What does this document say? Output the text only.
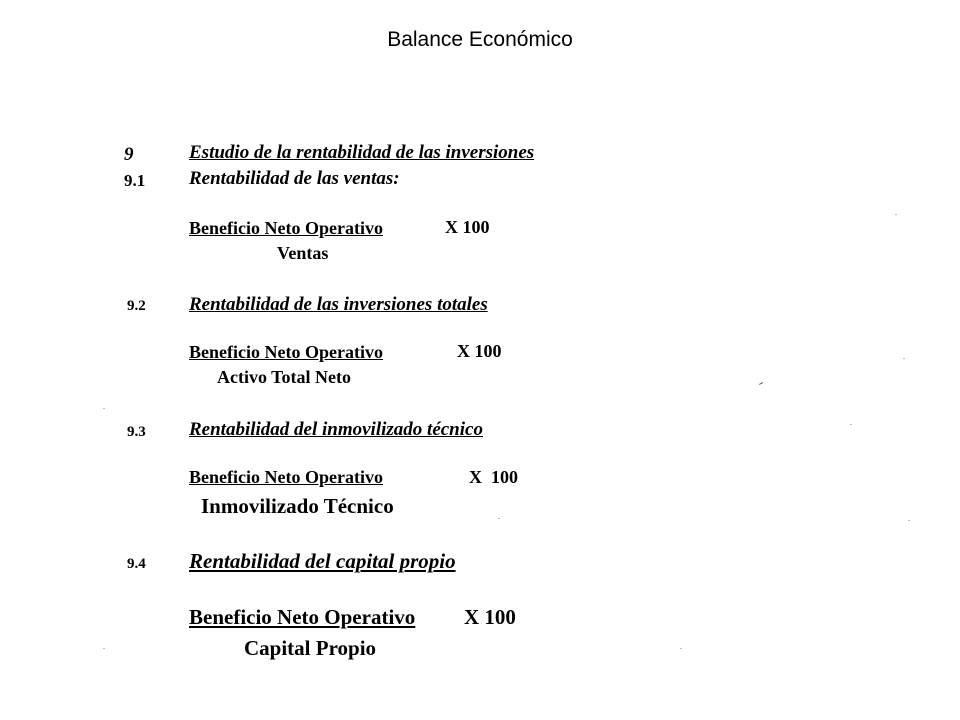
Balance Económico
9	Estudio de la rentabilidad de las inversiones
9.1 Rentabilidad de las ventas:
Beneficio Neto Operativo	X 100
Ventas
9.2 Rentabilidad de las inversiones totales
Beneficio Neto Operativo	X 100
Activo Total Neto
9.3 Rentabilidad del inmovilizado técnico
Beneficio Neto Operativo	X  100
Inmovilizado Técnico
9.4 Rentabilidad del capital propio
Beneficio Neto Operativo X 100
Capital Propio
